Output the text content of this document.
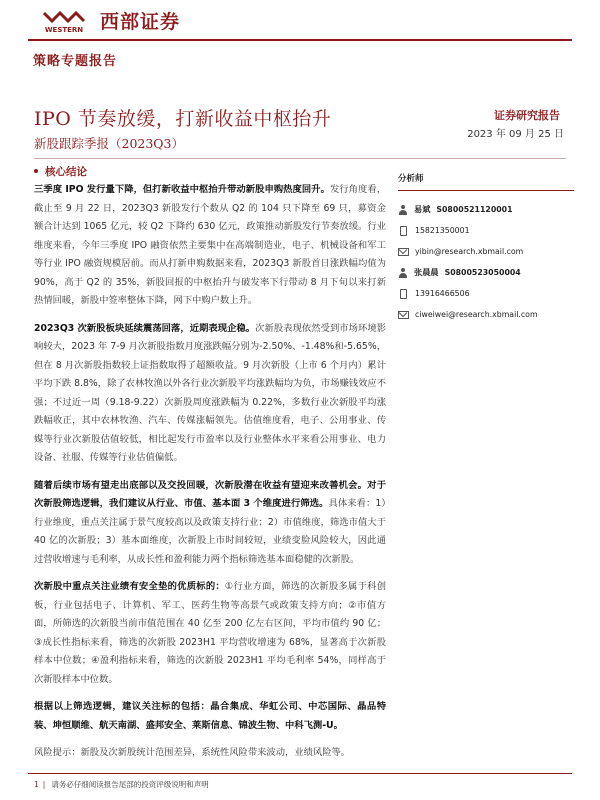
WESTERN 西部证券
策略专题报告
IPO 节奏放缓，打新收益中枢抬升
新股跟踪季报（2023Q3）
证券研究报告
2023 年 09 月 25 日
核心结论

三季度 IPO 发行量下降，但打新收益中枢抬升带动新股申购热度回升。发行角度看，截止至 9 月 22 日，2023Q3 新股发行个数从 Q2 的 104 只下降至 69 只，募资金额合计达到 1065 亿元，较 Q2 下降约 630 亿元，政策推动新股发行节奏放缓。行业维度来看，今年三季度 IPO 融资依然主要集中在高端制造业，电子、机械设备和军工等行业 IPO 融资规模居前。而从打新申购数据来看，2023Q3 新股首日涨跌幅均值为 90%，高于 Q2 的 35%，新股回报的中枢抬升与破发率下行带动 8 月下旬以来打新热情回暖，新股中签率整体下降，网下中购户数上升。

2023Q3 次新股板块延续震荡回落，近期表现企稳。次新股表现依然受到市场环境影响较大，2023 年 7-9 月次新股指数月度涨跌幅分别为-2.50%、-1.48%和-5.65%，但在 8 月次新股指数较上证指数取得了超额收益。9 月次新股（上市 6 个月内）累计平均下跌 8.8%，除了农林牧渔以外各行业次新股平均涨跌幅均为负，市场赚钱效应不强；不过近一周（9.18-9.22）次新股周度涨跌幅为 0.22%，多数行业次新股平均涨跌幅收正，其中农林牧渔、汽车、传媒涨幅领先。估值维度看，电子、公用事业、传媒等行业次新股估值较低，相比起发行市盈率以及行业整体水平来看公用事业、电力设备、社服、传媒等行业估值偏低。

随着后续市场有望走出底部以及交投回暖，次新股潜在收益有望迎来改善机会。对于次新股筛选逻辑，我们建议从行业、市值、基本面 3 个维度进行筛选。具体来看：1）行业维度，重点关注属于景气度较高以及政策支持行业；2）市值维度，筛选市值大于 40 亿的次新股；3）基本面维度，次新股上市时间较短，业绩变脸风险较大，因此通过营收增速与毛利率，从成长性和盈利能力两个指标筛选基本面稳健的次新股。

次新股中重点关注业绩有安全垫的优质标的：①行业方面，筛选的次新股多属于科创板，行业包括电子、计算机、军工、医药生物等高景气或政策支持方向；②市值方面，所筛选的次新股当前市值范围在 40 亿至 200 亿左右区间，平均市值约 90 亿；③成长性指标来看，筛选的次新股 2023H1 平均营收增速为 68%，显著高于次新股样本中位数；④盈利指标来看，筛选的次新股 2023H1 平均毛利率 54%，同样高于次新股样本中位数。

根据以上筛选逻辑，建议关注标的包括：晶合集成、华虹公司、中芯国际、晶品特装、坤恒顺维、航天南湖、盛邦安全、莱斯信息、锦波生物、中科飞测-U。

风险提示：新股及次新股统计范围差异，系统性风险带来波动，业绩风险等。

分析师
易斌 S0800521120001
15821350001
yibin@research.xbmail.com
张晨晨 S0800523050004
13916466506
ciweiwei@research.xbmail.com
1 | 请务必仔细阅读报告尾部的投资评级说明和声明
